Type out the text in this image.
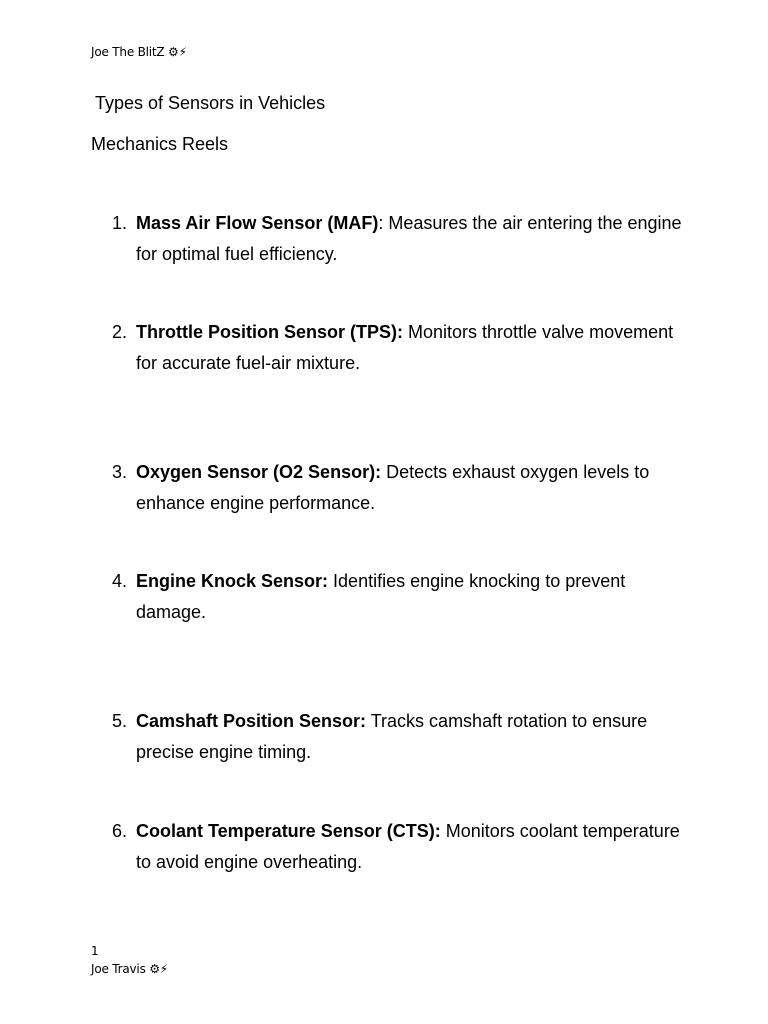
Joe The BlitZ ⚙⚡
Types of Sensors in Vehicles
Mechanics Reels
1. Mass Air Flow Sensor (MAF): Measures the air entering the engine for optimal fuel efficiency.
2. Throttle Position Sensor (TPS): Monitors throttle valve movement for accurate fuel-air mixture.
3. Oxygen Sensor (O2 Sensor): Detects exhaust oxygen levels to enhance engine performance.
4. Engine Knock Sensor: Identifies engine knocking to prevent damage.
5. Camshaft Position Sensor: Tracks camshaft rotation to ensure precise engine timing.
6. Coolant Temperature Sensor (CTS): Monitors coolant temperature to avoid engine overheating.
1
Joe Travis ⚙⚡
